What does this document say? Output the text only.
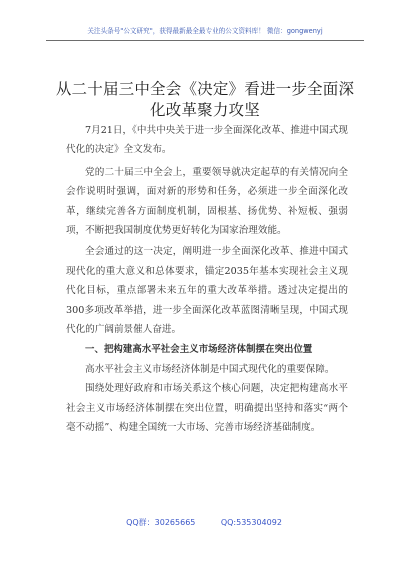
关注头条号"公文研究"，获得最新最全最专业的公文资料库！ 微信：gongwenyj
从二十届三中全会《决定》看进一步全面深化改革聚力攻坚

7月21日，《中共中央关于进一步全面深化改革、推进中国式现代化的决定》全文发布。

党的二十届三中全会上，重要领导就决定起草的有关情况向全会作说明时强调，面对新的形势和任务，必须进一步全面深化改革，继续完善各方面制度机制，固根基、扬优势、补短板、强弱项，不断把我国制度优势更好转化为国家治理效能。

全会通过的这一决定，阐明进一步全面深化改革、推进中国式现代化的重大意义和总体要求，锚定2035年基本实现社会主义现代化目标，重点部署未来五年的重大改革举措。透过决定提出的300多项改革举措，进一步全面深化改革蓝图清晰呈现，中国式现代化的广阔前景催人奋进。

一、把构建高水平社会主义市场经济体制摆在突出位置

高水平社会主义市场经济体制是中国式现代化的重要保障。

围绕处理好政府和市场关系这个核心问题，决定把构建高水平社会主义市场经济体制摆在突出位置，明确提出坚持和落实“两个毫不动摇”、构建全国统一大市场、完善市场经济基础制度。

QQ群：30265665	QQ:535304092
